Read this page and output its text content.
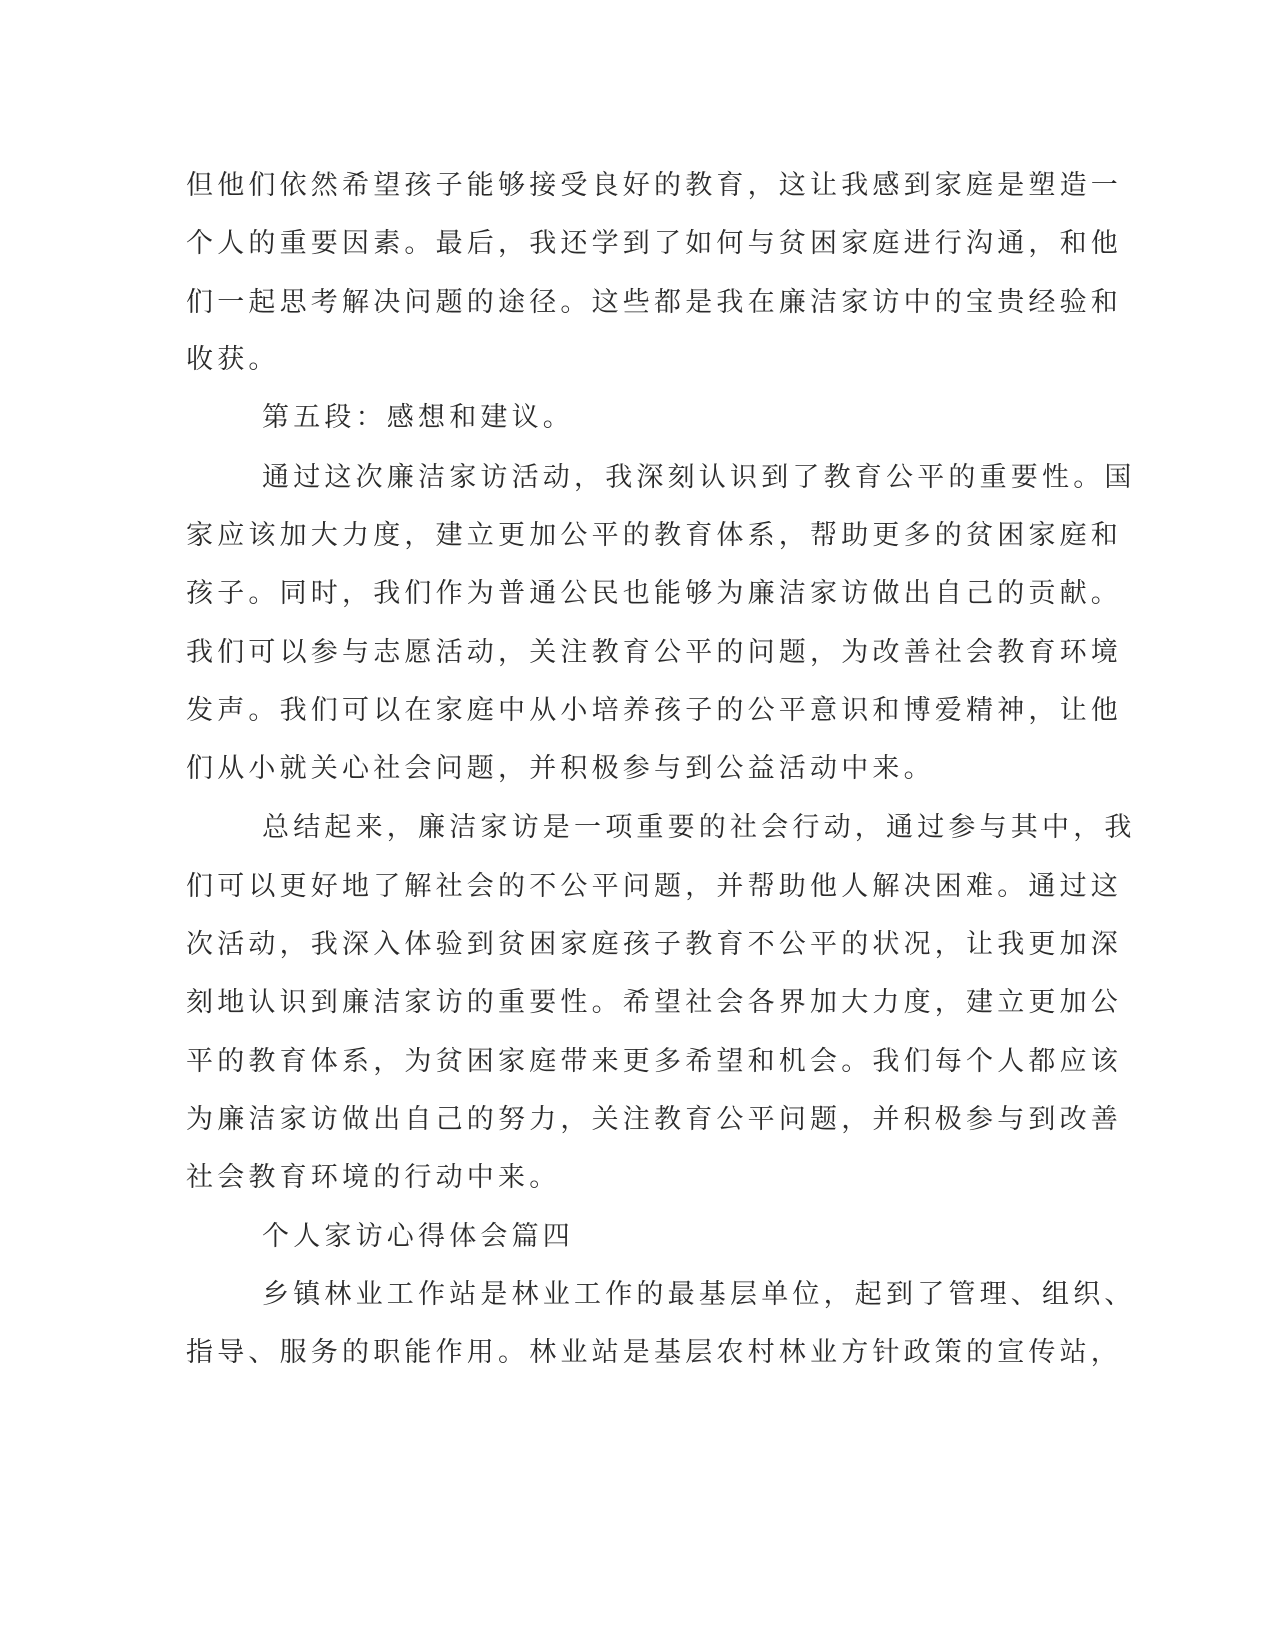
但他们依然希望孩子能够接受良好的教育，这让我感到家庭是塑造一
个人的重要因素。最后，我还学到了如何与贫困家庭进行沟通，和他
们一起思考解决问题的途径。这些都是我在廉洁家访中的宝贵经验和
收获。
第五段：感想和建议。
通过这次廉洁家访活动，我深刻认识到了教育公平的重要性。国
家应该加大力度，建立更加公平的教育体系，帮助更多的贫困家庭和
孩子。同时，我们作为普通公民也能够为廉洁家访做出自己的贡献。
我们可以参与志愿活动，关注教育公平的问题，为改善社会教育环境
发声。我们可以在家庭中从小培养孩子的公平意识和博爱精神，让他
们从小就关心社会问题，并积极参与到公益活动中来。
总结起来，廉洁家访是一项重要的社会行动，通过参与其中，我
们可以更好地了解社会的不公平问题，并帮助他人解决困难。通过这
次活动，我深入体验到贫困家庭孩子教育不公平的状况，让我更加深
刻地认识到廉洁家访的重要性。希望社会各界加大力度，建立更加公
平的教育体系，为贫困家庭带来更多希望和机会。我们每个人都应该
为廉洁家访做出自己的努力，关注教育公平问题，并积极参与到改善
社会教育环境的行动中来。
个人家访心得体会篇四
乡镇林业工作站是林业工作的最基层单位，起到了管理、组织、
指导、服务的职能作用。林业站是基层农村林业方针政策的宣传站，
